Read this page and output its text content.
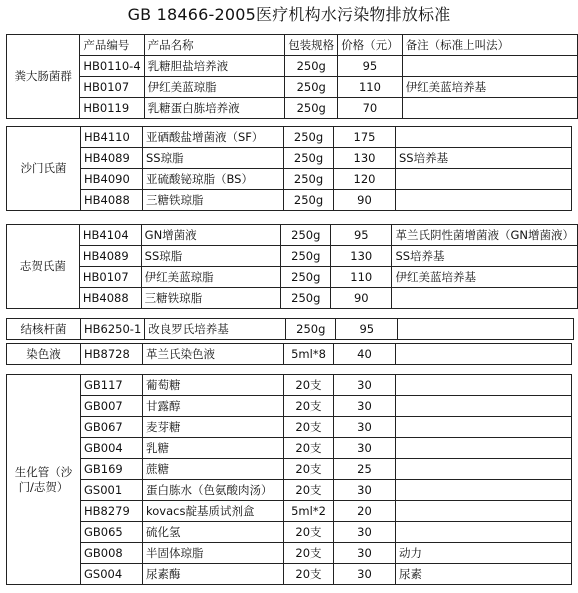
GB 18466-2005医疗机构水污染物排放标准
粪大肠菌群	产品编号	产品名称	包装规格	价格（元）	备注（标准上叫法）
	HB0110-4	乳糖胆盐培养液	250g	95	
	HB0107	伊红美蓝琼脂	250g	110	伊红美蓝培养基
	HB0119	乳糖蛋白胨培养液	250g	70	
沙门氏菌	HB4110	亚硒酸盐增菌液（SF）	250g	175	
	HB4089	SS琼脂	250g	130	SS培养基
	HB4090	亚硫酸铋琼脂（BS）	250g	120	
	HB4088	三糖铁琼脂	250g	90	
志贺氏菌	HB4104	GN增菌液	250g	95	革兰氏阴性菌增菌液（GN增菌液）
	HB4089	SS琼脂	250g	130	SS培养基
	HB0107	伊红美蓝琼脂	250g	110	伊红美蓝培养基
	HB4088	三糖铁琼脂	250g	90	
结核杆菌	HB6250-1	改良罗氏培养基	250g	95	
染色液	HB8728	革兰氏染色液	5ml*8	40	
生化管（沙门/志贺）	GB117	葡萄糖	20支	30	
	GB007	甘露醇	20支	30	
	GB067	麦芽糖	20支	30	
	GB004	乳糖	20支	30	
	GB169	蔗糖	20支	25	
	GS001	蛋白胨水（色氨酸肉汤）	20支	30	
	HB8279	kovacs靛基质试剂盒	5ml*2	20	
	GB065	硫化氢	20支	30	
	GB008	半固体琼脂	20支	30	动力
	GS004	尿素酶	20支	30	尿素
